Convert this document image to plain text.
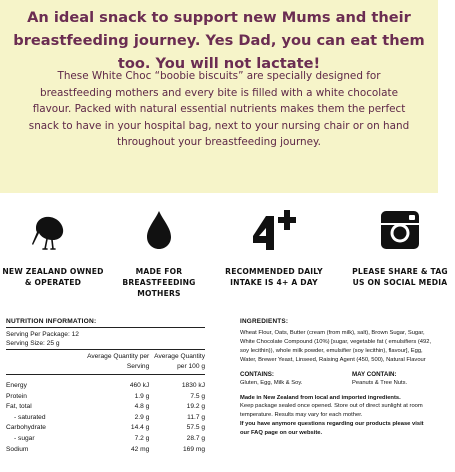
An ideal snack to support new Mums and their breastfeeding journey. Yes Dad, you can eat them too. You will not lactate!
These White Choc “boobie biscuits” are specially designed for breastfeeding mothers and every bite is filled with a white chocolate flavour. Packed with natural essential nutrients makes them the perfect snack to have in your hospital bag, next to your nursing chair or on hand throughout your breastfeeding journey.
NEW ZEALAND OWNED & OPERATED
MADE FOR BREASTFEEDING MOTHERS
RECOMMENDED DAILY INTAKE IS 4+ A DAY
PLEASE SHARE & TAG US ON SOCIAL MEDIA
NUTRITION INFORMATION:
Serving Per Package: 12
Serving Size: 25 g
	Average Quantity per Serving	Average Quantity per 100 g
Energy	460 kJ	1830 kJ
Protein	1.9 g	7.5 g
Fat, total	4.8 g	19.2 g
- saturated	2.9 g	11.7 g
Carbohydrate	14.4 g	57.5 g
- sugar	7.2 g	28.7 g
Sodium	42 mg	169 mg
INGREDIENTS:
Wheat Flour, Oats, Butter (cream (from milk), salt), Brown Sugar, Sugar, White Chocolate Compound (10%) [sugar, vegetable fat ( emulsifiers (492, soy lecithin)), whole milk powder, emulsifier (soy lecithin), flavour], Egg, Water, Brewer Yeast, Linseed, Raising Agent (450, 500), Natural Flavour
CONTAINS:
Gluten, Egg, Milk & Soy.
MAY CONTAIN:
Peanuts & Tree Nuts.
Made in New Zealand from local and imported ingredients.
Keep package sealed once opened. Store out of direct sunlight at room temperature. Results may vary for each mother.
If you have anymore questions regarding our products please visit our FAQ page on our website.
